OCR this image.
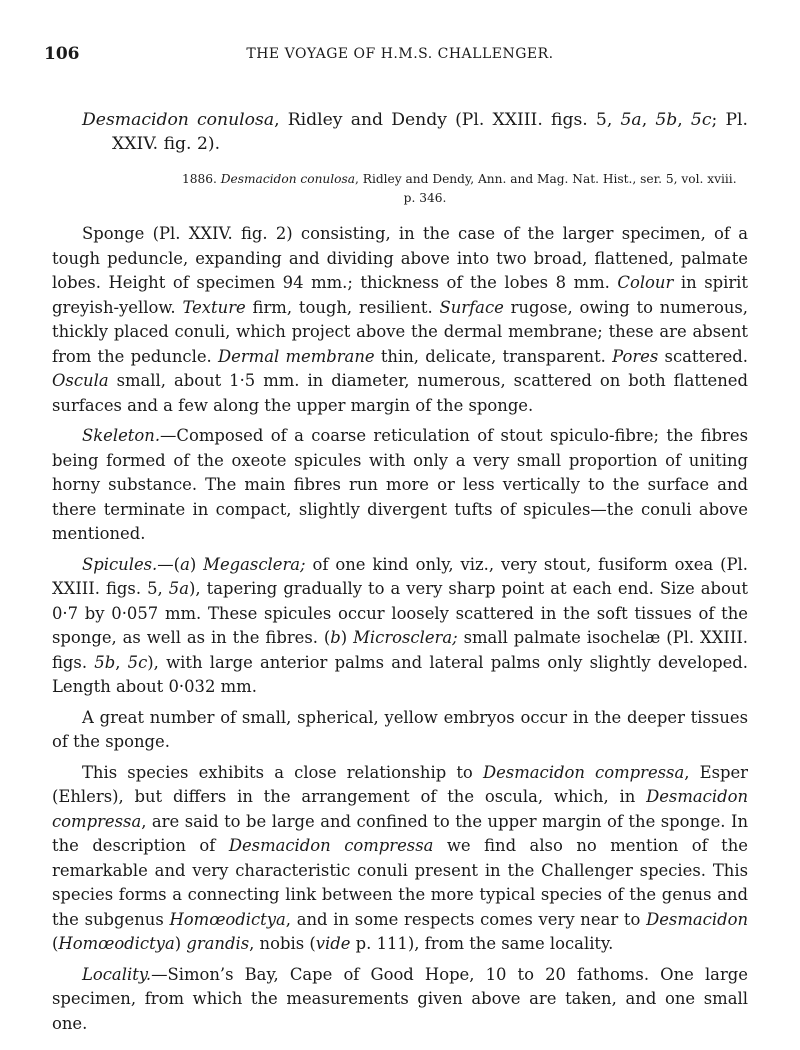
106	THE VOYAGE OF H.M.S. CHALLENGER.

Desmacidon conulosa, Ridley and Dendy (Pl. XXIII. figs. 5, 5a, 5b, 5c; Pl. XXIV. fig. 2).

1886. Desmacidon conulosa, Ridley and Dendy, Ann. and Mag. Nat. Hist., ser. 5, vol. xviii.
p. 346.

Sponge (Pl. XXIV. fig. 2) consisting, in the case of the larger specimen, of a tough peduncle, expanding and dividing above into two broad, flattened, palmate lobes. Height of specimen 94 mm.; thickness of the lobes 8 mm. Colour in spirit greyish-yellow. Texture firm, tough, resilient. Surface rugose, owing to numerous, thickly placed conuli, which project above the dermal membrane; these are absent from the peduncle. Dermal membrane thin, delicate, transparent. Pores scattered. Oscula small, about 1·5 mm. in diameter, numerous, scattered on both flattened surfaces and a few along the upper margin of the sponge.

Skeleton.—Composed of a coarse reticulation of stout spiculo-fibre; the fibres being formed of the oxeote spicules with only a very small proportion of uniting horny substance. The main fibres run more or less vertically to the surface and there terminate in compact, slightly divergent tufts of spicules—the conuli above mentioned.

Spicules.—(a) Megasclera; of one kind only, viz., very stout, fusiform oxea (Pl. XXIII. figs. 5, 5a), tapering gradually to a very sharp point at each end. Size about 0·7 by 0·057 mm. These spicules occur loosely scattered in the soft tissues of the sponge, as well as in the fibres. (b) Microsclera; small palmate isochelæ (Pl. XXIII. figs. 5b, 5c), with large anterior palms and lateral palms only slightly developed. Length about 0·032 mm.

A great number of small, spherical, yellow embryos occur in the deeper tissues of the sponge.

This species exhibits a close relationship to Desmacidon compressa, Esper (Ehlers), but differs in the arrangement of the oscula, which, in Desmacidon compressa, are said to be large and confined to the upper margin of the sponge. In the description of Desmacidon compressa we find also no mention of the remarkable and very characteristic conuli present in the Challenger species. This species forms a connecting link between the more typical species of the genus and the subgenus Homœodictya, and in some respects comes very near to Desmacidon (Homœodictya) grandis, nobis (vide p. 111), from the same locality.

Locality.—Simon’s Bay, Cape of Good Hope, 10 to 20 fathoms. One large specimen, from which the measurements given above are taken, and one small one.
